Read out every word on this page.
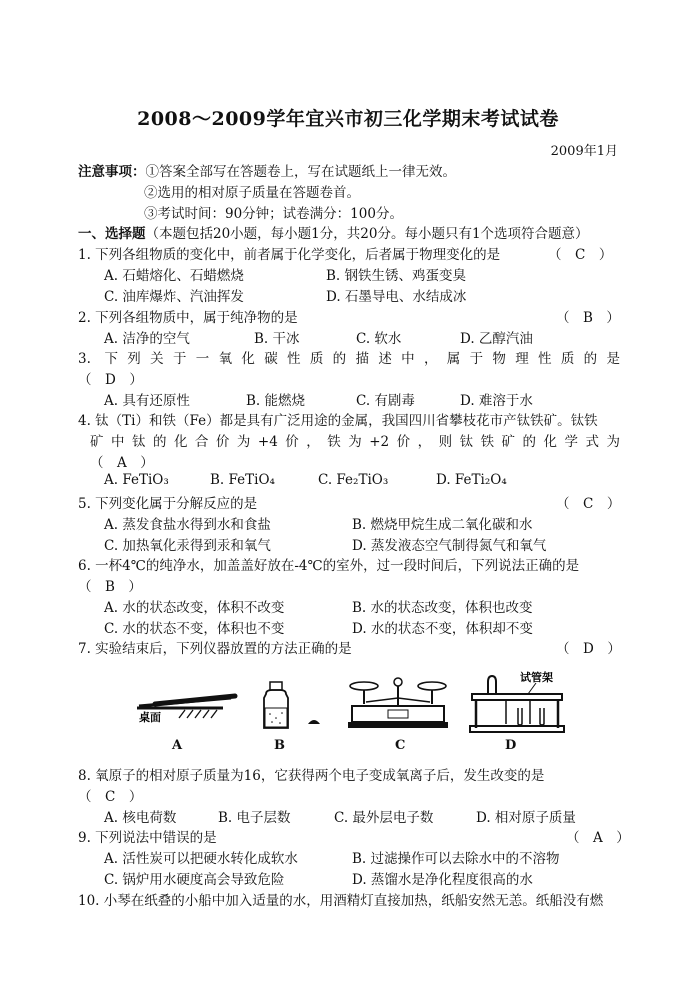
2008～2009学年宜兴市初三化学期末考试试卷
2009年1月
注意事项：①答案全部写在答题卷上，写在试题纸上一律无效。
②选用的相对原子质量在答题卷首。
③考试时间：90分钟；试卷满分：100分。
一、选择题（本题包括20小题，每小题1分，共20分。每小题只有1个选项符合题意）
1. 下列各组物质的变化中，前者属于化学变化，后者属于物理变化的是	（　C　）
A. 石蜡熔化、石蜡燃烧	B. 钢铁生锈、鸡蛋变臭
C. 油库爆炸、汽油挥发	D. 石墨导电、水结成冰
2. 下列各组物质中，属于纯净物的是	（　B　）
A. 洁净的空气	B. 干冰	C. 软水	D. 乙醇汽油
3. 下列关于一氧化碳性质的描述中，属于物理性质的是
（　D　）
A. 具有还原性	B. 能燃烧	C. 有剧毒	D. 难溶于水
4. 钛（Ti）和铁（Fe）都是具有广泛用途的金属，我国四川省攀枝花市产钛铁矿。钛铁
矿中钛的化合价为+4价，铁为+2价，则钛铁矿的化学式为
（　A　）
A. FeTiO₃	B. FeTiO₄	C. Fe₂TiO₃	D. FeTi₂O₄
5. 下列变化属于分解反应的是	（　C　）
A. 蒸发食盐水得到水和食盐	B. 燃烧甲烷生成二氧化碳和水
C. 加热氧化汞得到汞和氧气	D. 蒸发液态空气制得氮气和氧气
6. 一杯4℃的纯净水，加盖盖好放在-4℃的室外，过一段时间后，下列说法正确的是
（　B　）
A. 水的状态改变，体积不改变	B. 水的状态改变，体积也改变
C. 水的状态不变，体积也不变	D. 水的状态不变，体积却不变
7. 实验结束后，下列仪器放置的方法正确的是	（　D　）
桌面
试管架
A	B	C	D
8. 氧原子的相对原子质量为16，它获得两个电子变成氧离子后，发生改变的是
（　C　）
A. 核电荷数	B. 电子层数	C. 最外层电子数	D. 相对原子质量
9. 下列说法中错误的是	（　A　）
A. 活性炭可以把硬水转化成软水	B. 过滤操作可以去除水中的不溶物
C. 锅炉用水硬度高会导致危险	D. 蒸馏水是净化程度很高的水
10. 小琴在纸叠的小船中加入适量的水，用酒精灯直接加热，纸船安然无恙。纸船没有燃
